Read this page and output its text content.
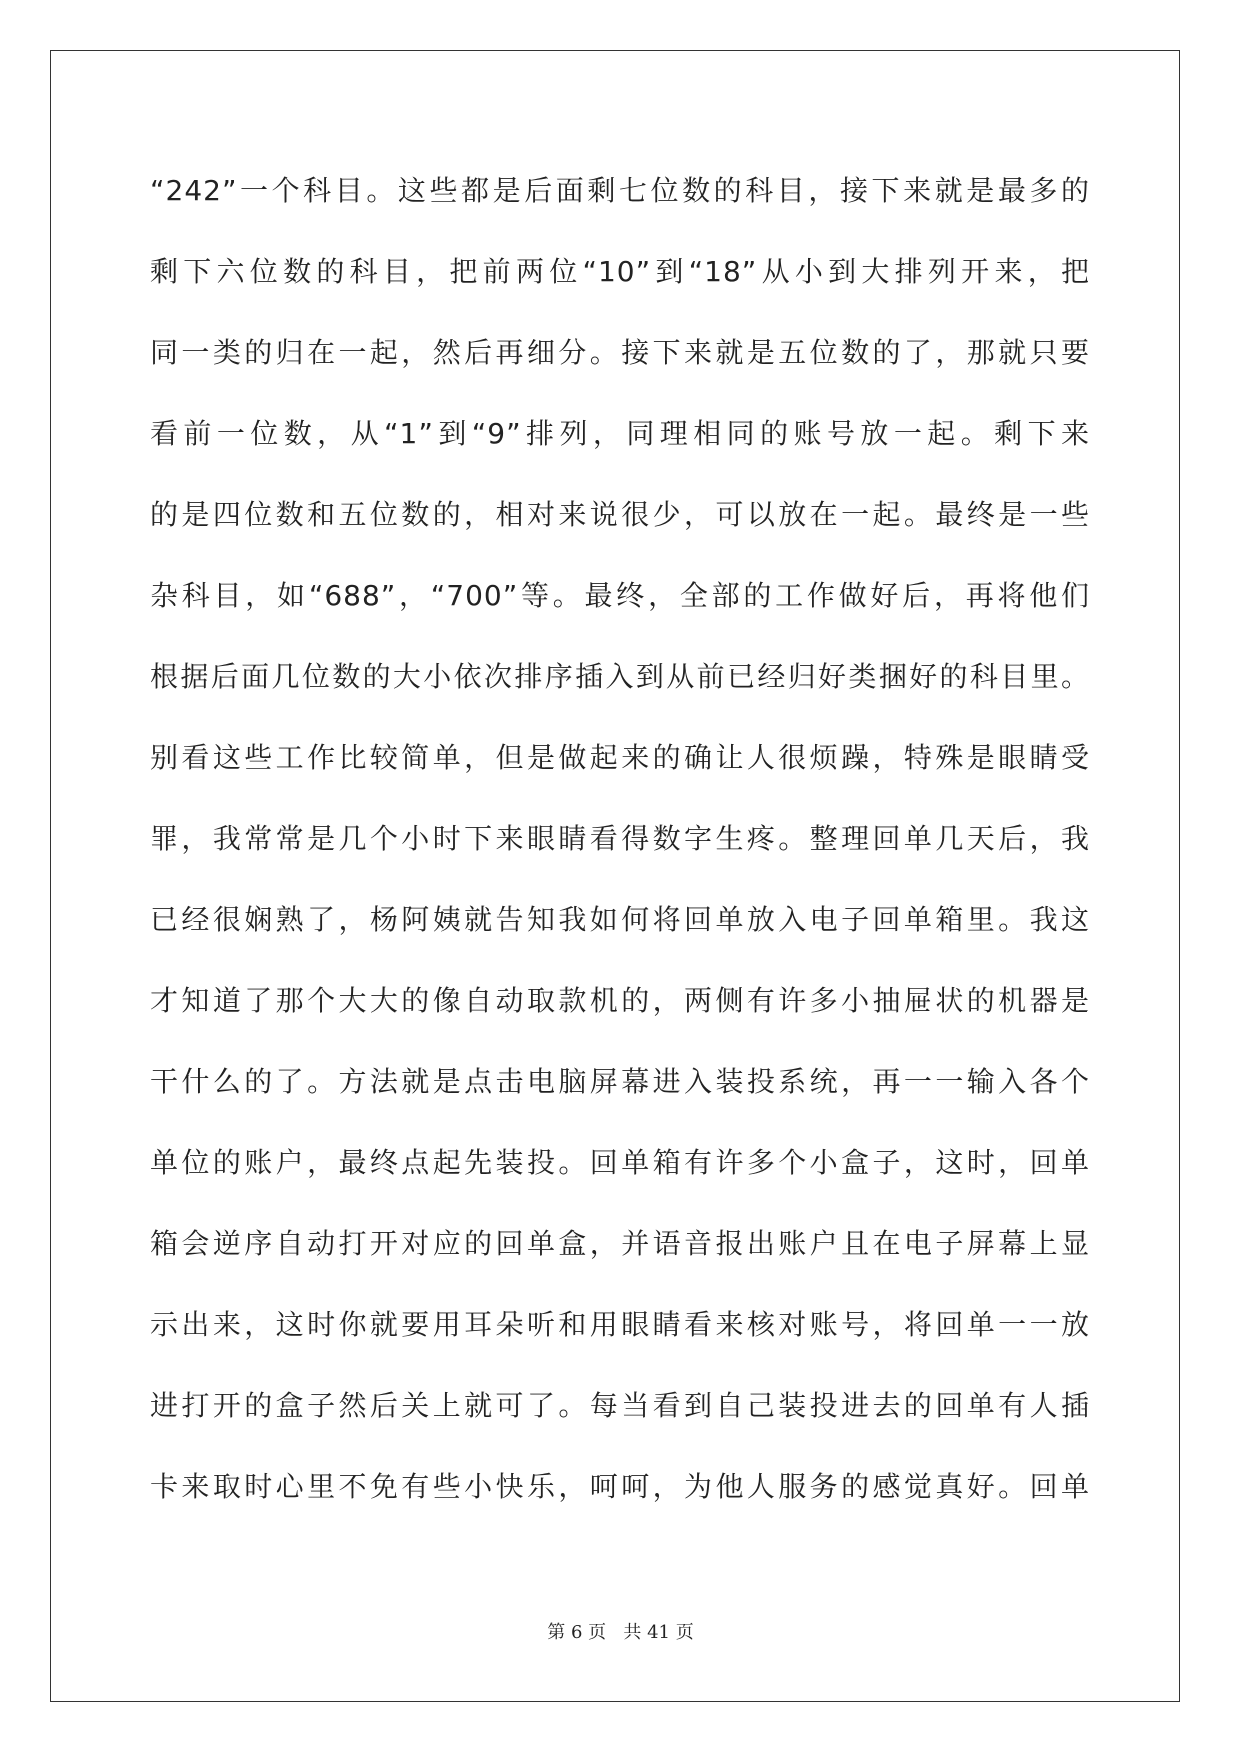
“242”一个科目。这些都是后面剩七位数的科目，接下来就是最多的
剩下六位数的科目，把前两位“10”到“18”从小到大排列开来，把
同一类的归在一起，然后再细分。接下来就是五位数的了，那就只要
看前一位数，从“1”到“9”排列，同理相同的账号放一起。剩下来
的是四位数和五位数的，相对来说很少，可以放在一起。最终是一些
杂科目，如“688”，“700”等。最终，全部的工作做好后，再将他们
根据后面几位数的大小依次排序插入到从前已经归好类捆好的科目里。
别看这些工作比较简单，但是做起来的确让人很烦躁，特殊是眼睛受
罪，我常常是几个小时下来眼睛看得数字生疼。整理回单几天后，我
已经很娴熟了，杨阿姨就告知我如何将回单放入电子回单箱里。我这
才知道了那个大大的像自动取款机的，两侧有许多小抽屉状的机器是
干什么的了。方法就是点击电脑屏幕进入装投系统，再一一输入各个
单位的账户，最终点起先装投。回单箱有许多个小盒子，这时，回单
箱会逆序自动打开对应的回单盒，并语音报出账户且在电子屏幕上显
示出来，这时你就要用耳朵听和用眼睛看来核对账号，将回单一一放
进打开的盒子然后关上就可了。每当看到自己装投进去的回单有人插
卡来取时心里不免有些小快乐，呵呵，为他人服务的感觉真好。回单
第 6 页   共 41 页
